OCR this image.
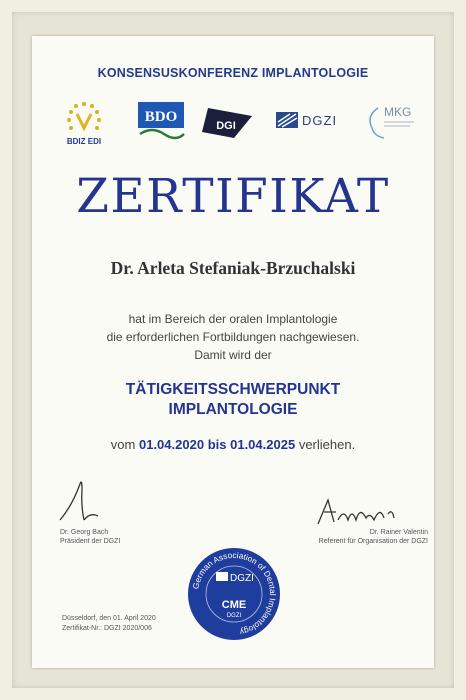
KONSENSUSKONFERENZ IMPLANTOLOGIE
BDIZ EDI
BDO
DGI	DGZI
MKG
ZERTIFIKAT
Dr. Arleta Stefaniak-Brzuchalski
hat im Bereich der oralen Implantologie
die erforderlichen Fortbildungen nachgewiesen.
Damit wird der
TÄTIGKEITSSCHWERPUNKT
IMPLANTOLOGIE
vom 01.04.2020 bis 01.04.2025 verliehen.
Dr. Georg Bach
Präsident der DGZI
Dr. Rainer Valentin
Referent für Organisation der DGZI
German Association of Dental Implantology
DGZI
CME
DGZI
Düsseldorf, den 01. April 2020
Zertifikat-Nr.: DGZI 2020/006
